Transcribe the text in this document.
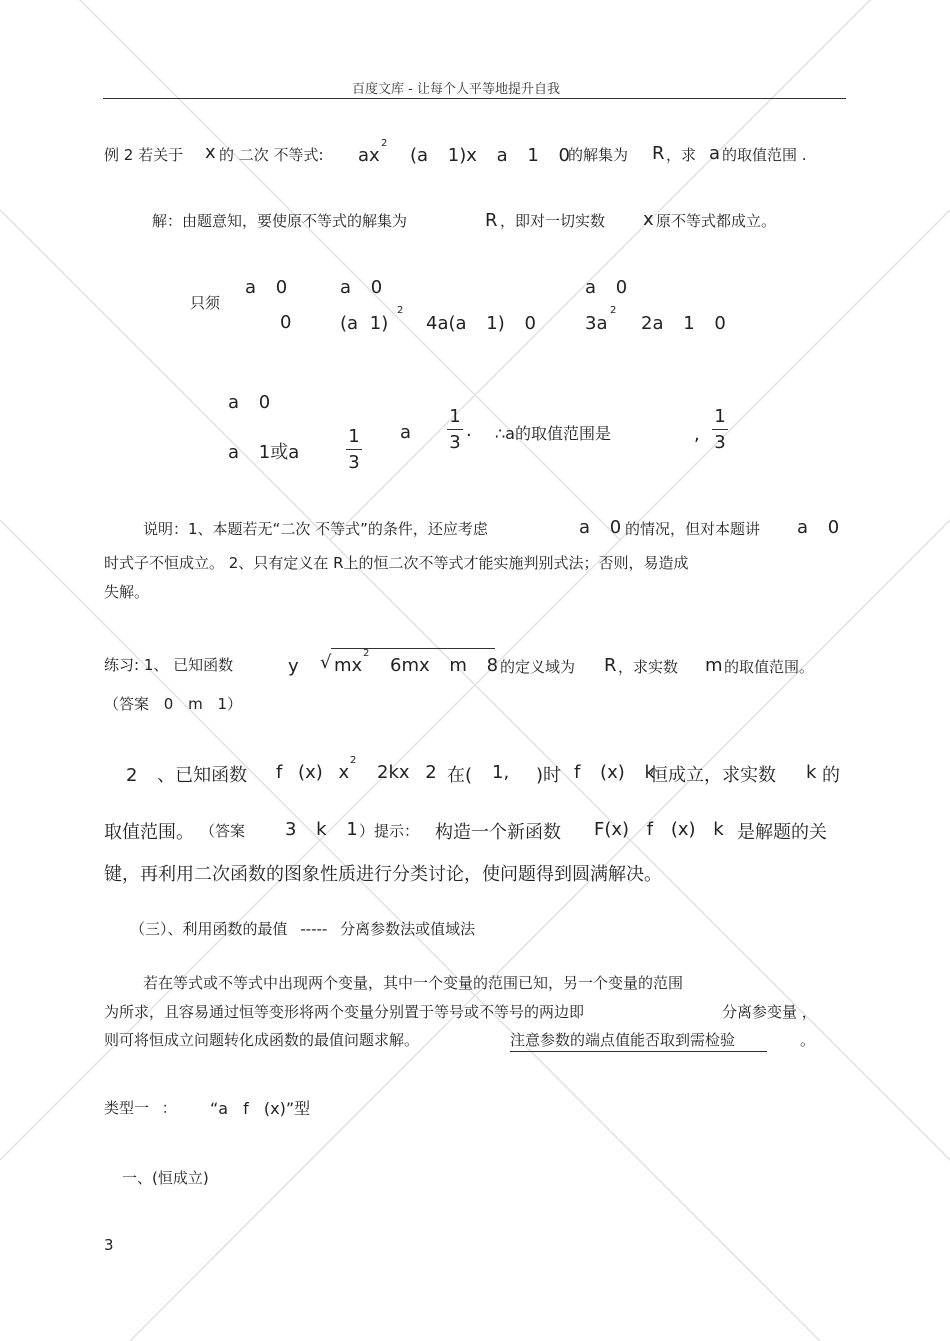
百度文库 - 让每个人平等地提升自我
例 2 若关于 x 的 二次 不等式: ax
2
(a 1)x a 1 0
的解集为 R ，求 a 的取值范围 .
解：由题意知，要使原不等式的解集为	R ，即对一切实数 x 原不等式都成立。
只须
a 0
0
a 0
(a 1)
2
4a(a 1) 0
a 0
3a
2
2a 1 0
a 0
a 1或a
1
3
a
1
3
. ∴a的取值范围是	,
1
3
说明：1、本题若无“二次 不等式”的条件，还应考虑	a 0 的情况，但对本题讲 a 0
时式子不恒成立。 2、只有定义在 R上的恒二次不等式才能实施判别式法；否则，易造成
失解。
练习: 1、 已知函数	y √ mx
2
6mx m 8 的定义域为 R ，求实数 m 的取值范围。
（答案 0 m 1）
2 、已知函数 f (x) x
2
2kx 2 在( 1, )时 f (x) k
恒成立，求实数 k 的
取值范围。 （答案 3 k 1 ）提示： 构造一个新函数 F(x) f (x) k 是解题的关
键，再利用二次函数的图象性质进行分类讨论，使问题得到圆满解决。
（三）、利用函数的最值 ----- 分离参数法或值域法
若在等式或不等式中出现两个变量，其中一个变量的范围已知，另一个变量的范围
为所求，且容易通过恒等变形将两个变量分别置于等号或不等号的两边即	分离参变量 ，
则可将恒成立问题转化成函数的最值问题求解。	注意参数的端点值能否取到需检验	。
类型一 ： “a f (x)”型
一、(恒成立)
3
